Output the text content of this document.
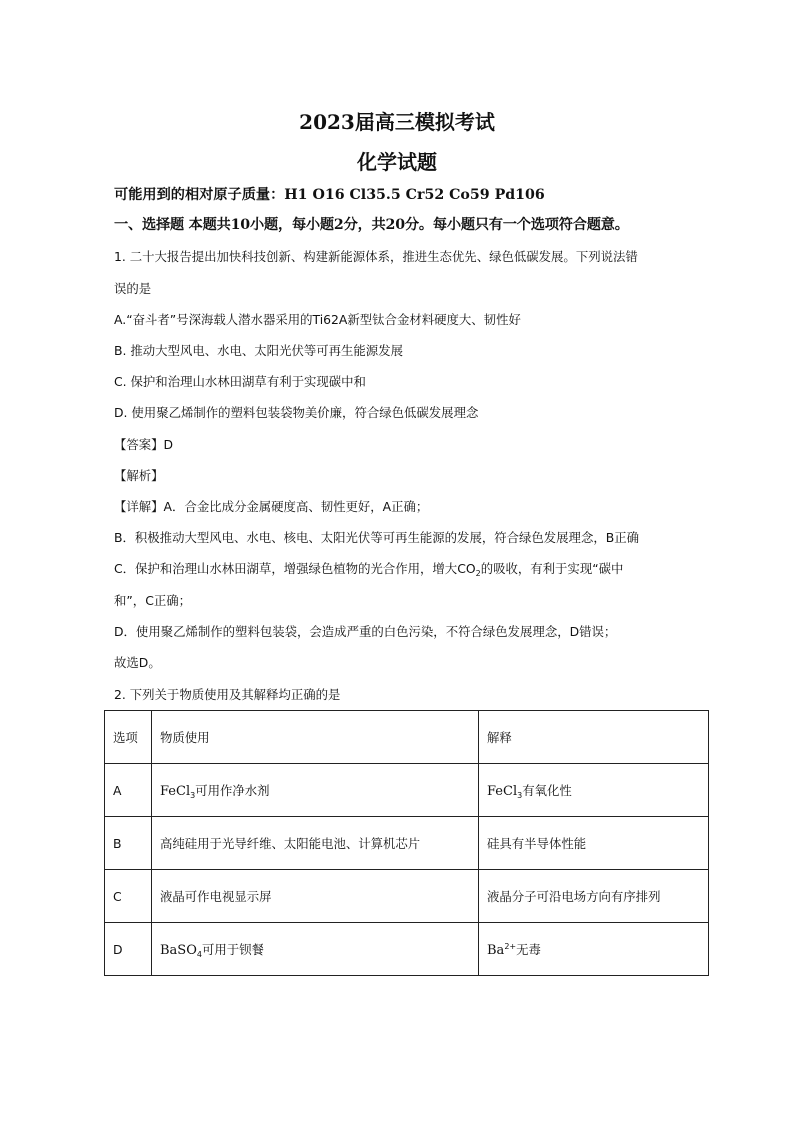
2023届高三模拟考试
化学试题
可能用到的相对原子质量：H1 O16 Cl35.5 Cr52 Co59 Pd106
一、选择题 本题共10小题，每小题2分，共20分。每小题只有一个选项符合题意。
1. 二十大报告提出加快科技创新、构建新能源体系，推进生态优先、绿色低碳发展。下列说法错
误的是
A.“奋斗者”号深海载人潜水器采用的Ti62A新型钛合金材料硬度大、韧性好
B. 推动大型风电、水电、太阳光伏等可再生能源发展
C. 保护和治理山水林田湖草有利于实现碳中和
D. 使用聚乙烯制作的塑料包装袋物美价廉，符合绿色低碳发展理念
【答案】D
【解析】
【详解】A．合金比成分金属硬度高、韧性更好，A正确；
B．积极推动大型风电、水电、核电、太阳光伏等可再生能源的发展，符合绿色发展理念，B正确
C．保护和治理山水林田湖草，增强绿色植物的光合作用，增大$CO_2$的吸收，有利于实现“碳中
和”，C正确；
D．使用聚乙烯制作的塑料包装袋，会造成严重的白色污染，不符合绿色发展理念，D错误；
故选D。
2. 下列关于物质使用及其解释均正确的是
选项	物质使用	解释
A	FeCl$_3$可用作净水剂	FeCl$_3$有氧化性
B	高纯硅用于光导纤维、太阳能电池、计算机芯片	硅具有半导体性能
C	液晶可作电视显示屏	液晶分子可沿电场方向有序排列
D	BaSO$_4$可用于钡餐	$Ba^{2+}$无毒
